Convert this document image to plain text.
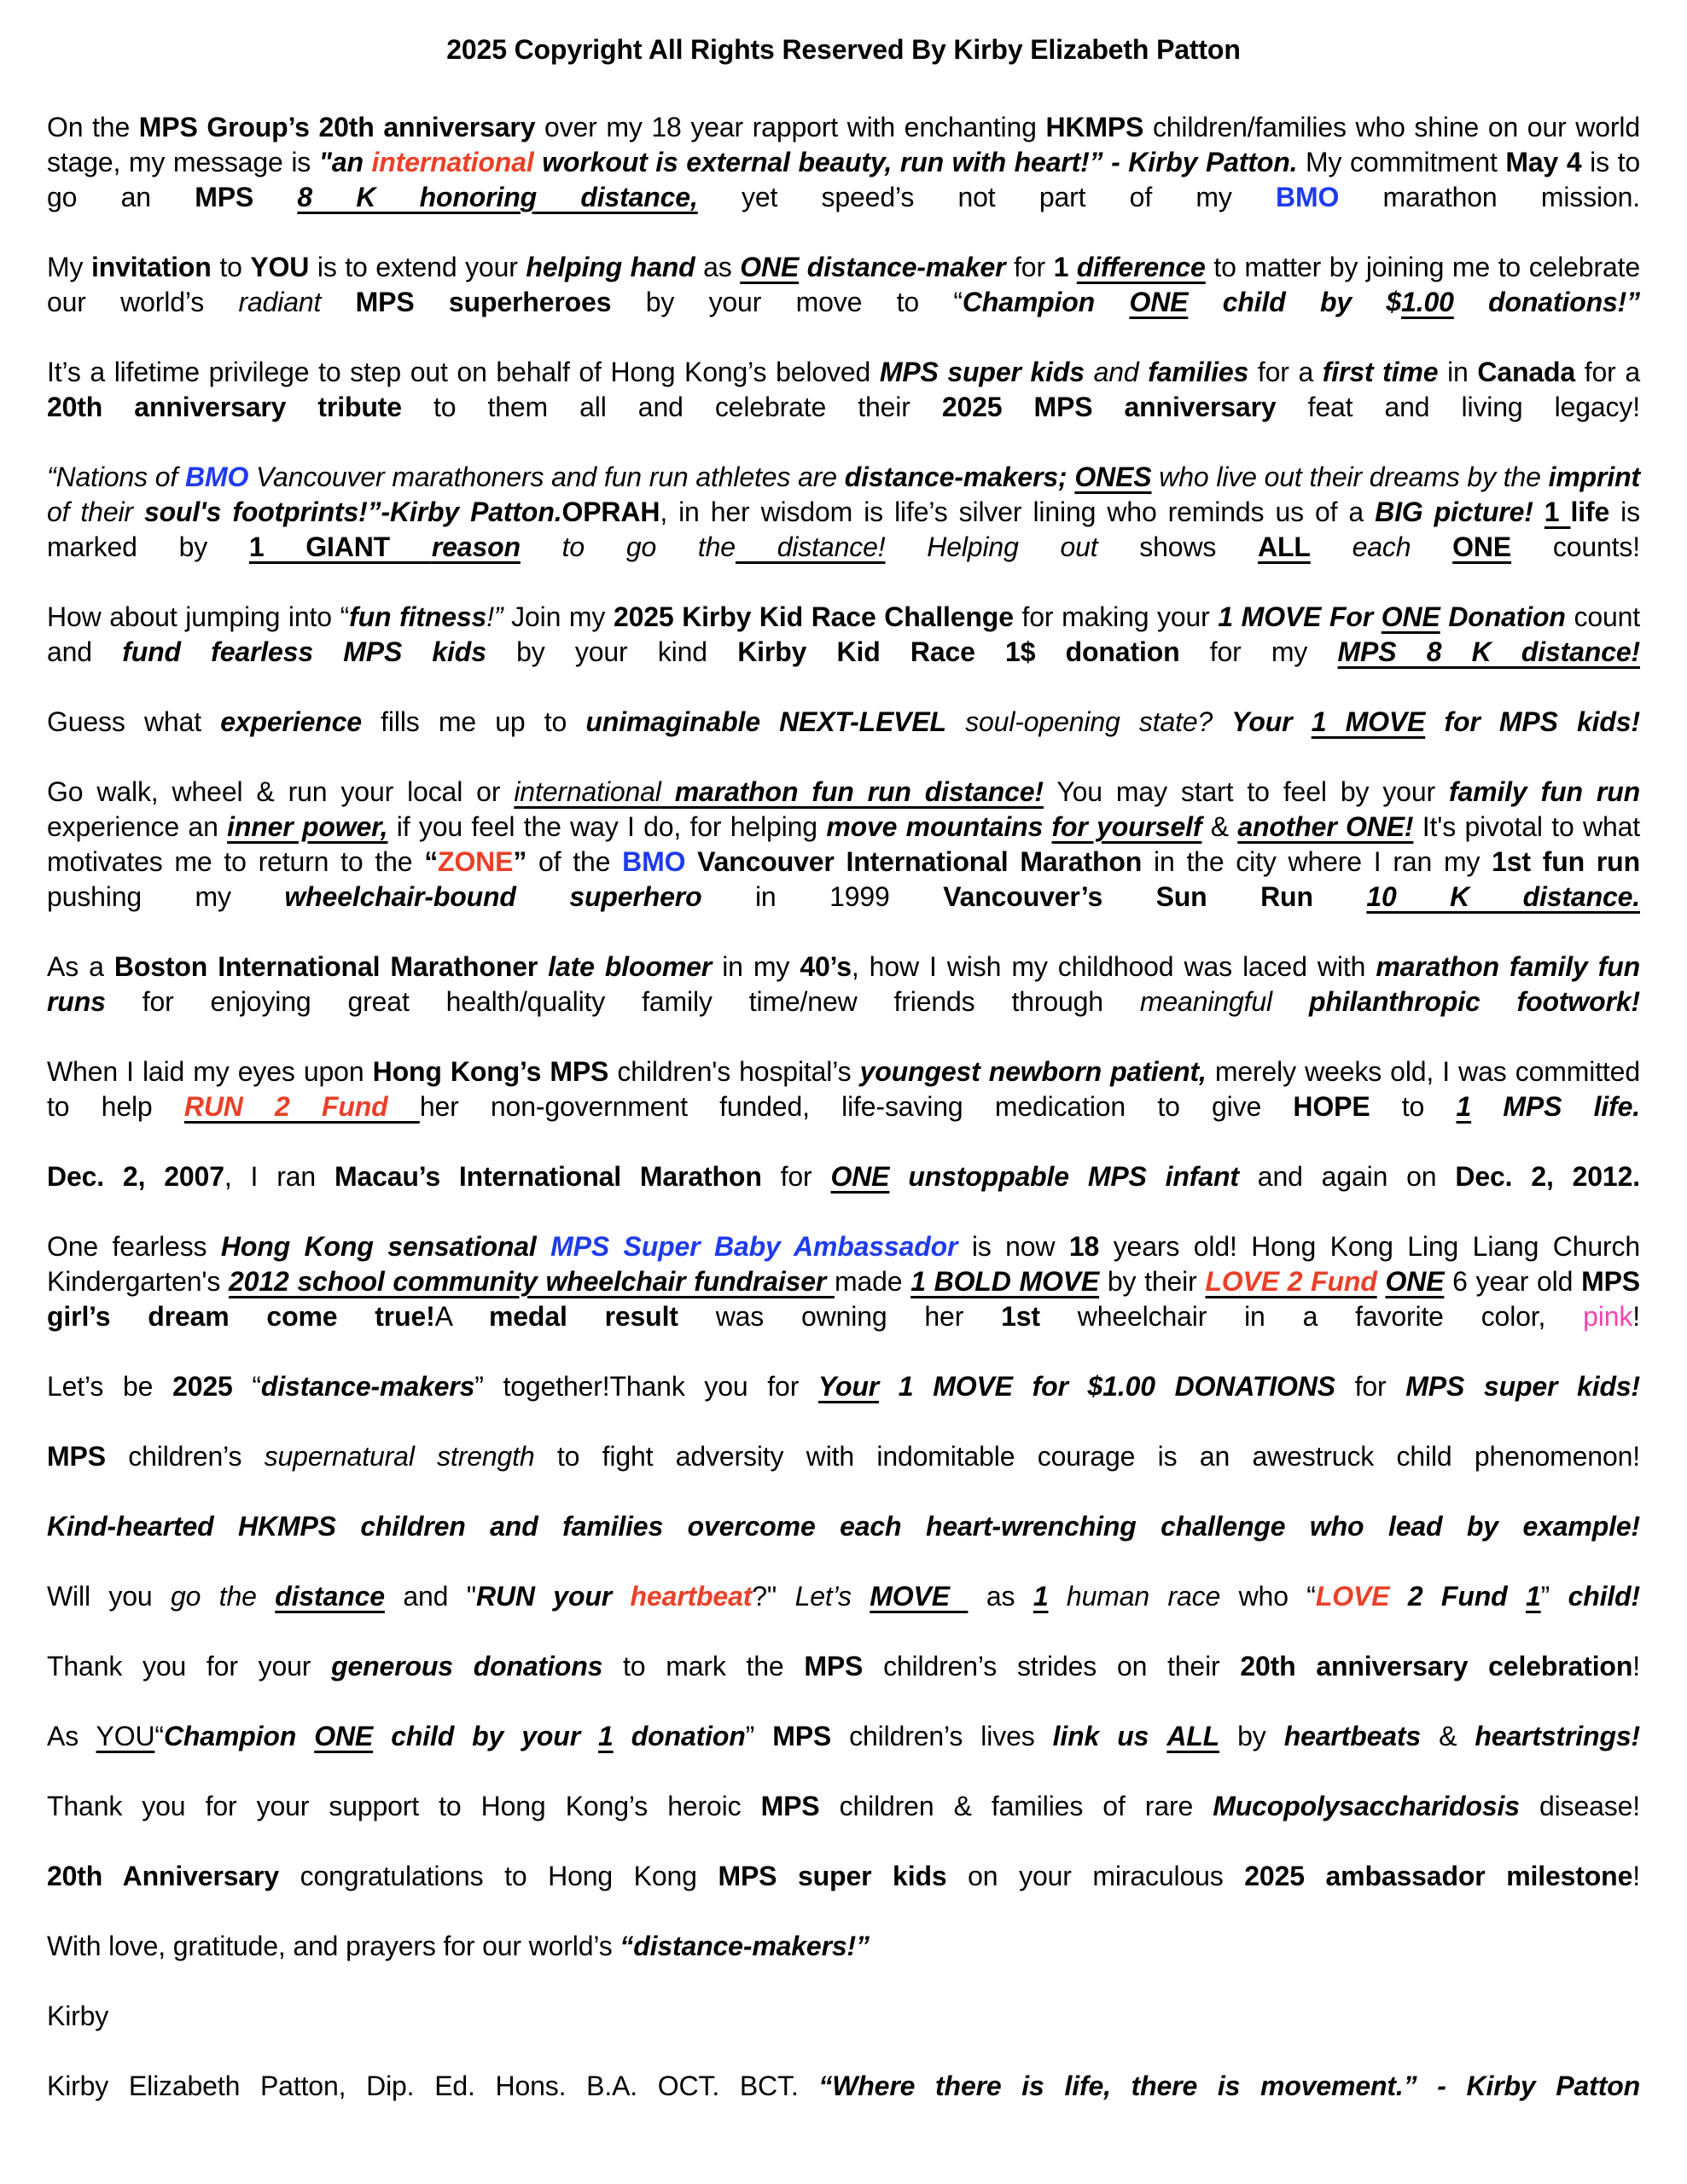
2025 Copyright All Rights Reserved By Kirby Elizabeth Patton

On the MPS Group’s 20th anniversary over my 18 year rapport with enchanting HKMPS children/families who shine on our world stage, my message is "an international workout is external beauty, run with heart!” - Kirby Patton. My commitment May 4 is to go an MPS 8 K honoring distance, yet speed’s not part of my BMO marathon mission.

My invitation to YOU is to extend your helping hand as ONE distance-maker for 1 difference to matter by joining me to celebrate our world’s radiant MPS superheroes by your move to “Champion ONE child by $1.00 donations!”

It’s a lifetime privilege to step out on behalf of Hong Kong’s beloved MPS super kids and families for a first time in Canada for a 20th anniversary tribute to them all and celebrate their 2025 MPS anniversary feat and living legacy!

“Nations of BMO Vancouver marathoners and fun run athletes are distance-makers; ONES who live out their dreams by the imprint of their soul's footprints!”-Kirby Patton.OPRAH, in her wisdom is life’s silver lining who reminds us of a BIG picture! 1 life is marked by 1 GIANT reason to go the distance! Helping out shows ALL each ONE counts!

How about jumping into “fun fitness!” Join my 2025 Kirby Kid Race Challenge for making your 1 MOVE For ONE Donation count and fund fearless MPS kids by your kind Kirby Kid Race 1$ donation for my MPS 8 K distance!

Guess what experience fills me up to unimaginable NEXT-LEVEL soul-opening state? Your 1 MOVE for MPS kids!

Go walk, wheel & run your local or international marathon fun run distance! You may start to feel by your family fun run experience an inner power, if you feel the way I do, for helping move mountains for yourself & another ONE! It's pivotal to what motivates me to return to the “ZONE” of the BMO Vancouver International Marathon in the city where I ran my 1st fun run pushing my wheelchair-bound superhero in 1999 Vancouver’s Sun Run 10 K distance.

As a Boston International Marathoner late bloomer in my 40’s, how I wish my childhood was laced with marathon family fun runs for enjoying great health/quality family time/new friends through meaningful philanthropic footwork!

When I laid my eyes upon Hong Kong’s MPS children's hospital’s youngest newborn patient, merely weeks old, I was committed to help RUN 2 Fund her non-government funded, life-saving medication to give HOPE to 1 MPS life.

Dec. 2, 2007, I ran Macau’s International Marathon for ONE unstoppable MPS infant and again on Dec. 2, 2012.

One fearless Hong Kong sensational MPS Super Baby Ambassador is now 18 years old! Hong Kong Ling Liang Church Kindergarten's 2012 school community wheelchair fundraiser made 1 BOLD MOVE by their LOVE 2 Fund ONE 6 year old MPS girl’s dream come true!A medal result was owning her 1st wheelchair in a favorite color, pink!

Let’s be 2025 “distance-makers” together!Thank you for Your 1 MOVE for $1.00 DONATIONS for MPS super kids!

MPS children’s supernatural strength to fight adversity with indomitable courage is an awestruck child phenomenon!

Kind-hearted HKMPS children and families overcome each heart-wrenching challenge who lead by example!

Will you go the distance and "RUN your heartbeat?" Let’s MOVE  as 1 human race who “LOVE 2 Fund 1” child!

Thank you for your generous donations to mark the MPS children’s strides on their 20th anniversary celebration!

As YOU“Champion ONE child by your 1 donation” MPS children’s lives link us ALL by heartbeats & heartstrings!

Thank you for your support to Hong Kong’s heroic MPS children & families of rare Mucopolysaccharidosis disease!

20th Anniversary congratulations to Hong Kong MPS super kids on your miraculous 2025 ambassador milestone!

With love, gratitude, and prayers for our world’s “distance-makers!”

Kirby

Kirby Elizabeth Patton, Dip. Ed. Hons. B.A. OCT. BCT. “Where there is life, there is movement.” - Kirby Patton
